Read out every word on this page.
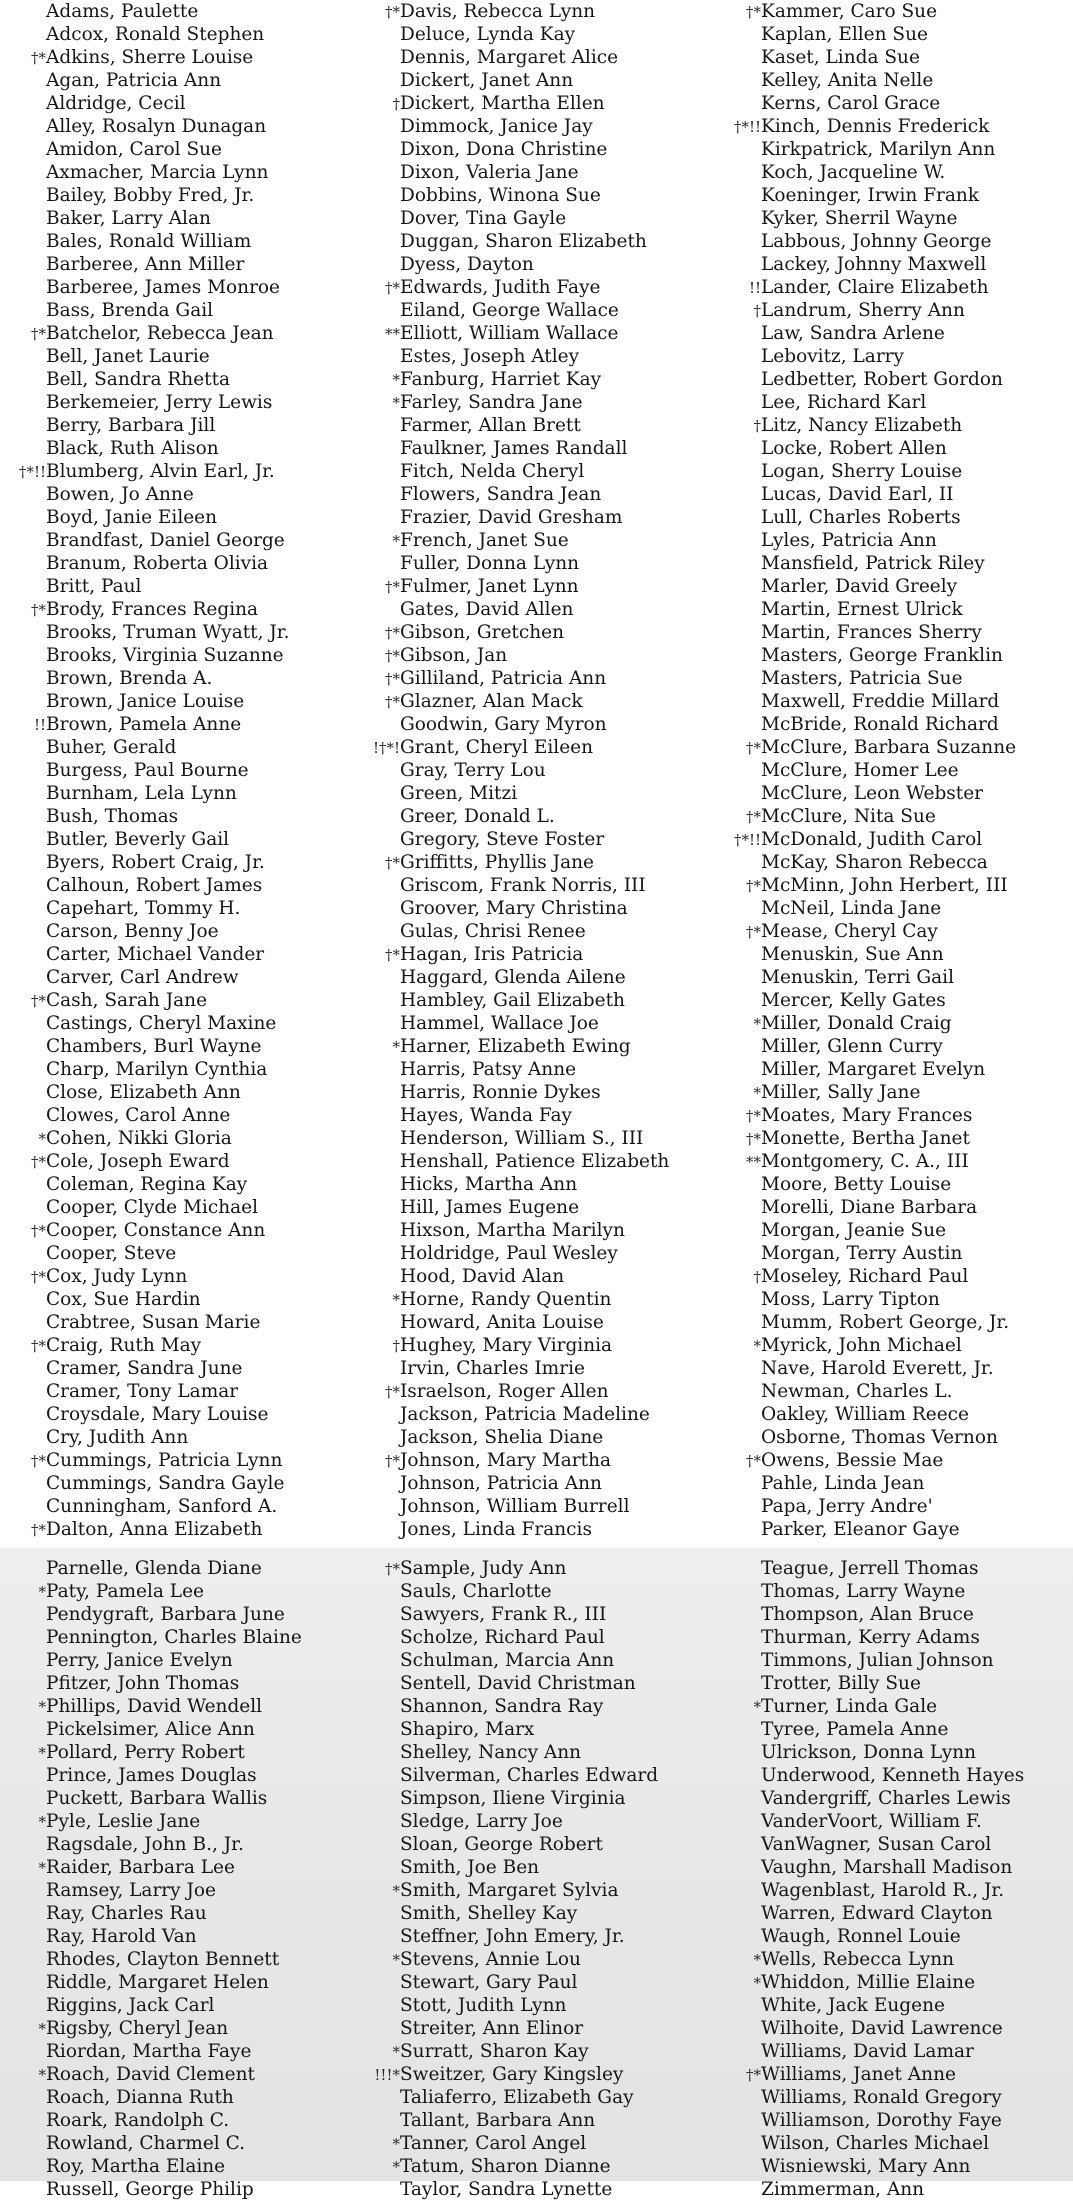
Adams, Paulette
Adcox, Ronald Stephen
†*Adkins, Sherre Louise
Agan, Patricia Ann
Aldridge, Cecil
Alley, Rosalyn Dunagan
Amidon, Carol Sue
Axmacher, Marcia Lynn
Bailey, Bobby Fred, Jr.
Baker, Larry Alan
Bales, Ronald William
Barberee, Ann Miller
Barberee, James Monroe
Bass, Brenda Gail
†*Batchelor, Rebecca Jean
Bell, Janet Laurie
Bell, Sandra Rhetta
Berkemeier, Jerry Lewis
Berry, Barbara Jill
Black, Ruth Alison
†*!!Blumberg, Alvin Earl, Jr.
Bowen, Jo Anne
Boyd, Janie Eileen
Brandfast, Daniel George
Branum, Roberta Olivia
Britt, Paul
†*Brody, Frances Regina
Brooks, Truman Wyatt, Jr.
Brooks, Virginia Suzanne
Brown, Brenda A.
Brown, Janice Louise
!!Brown, Pamela Anne
Buher, Gerald
Burgess, Paul Bourne
Burnham, Lela Lynn
Bush, Thomas
Butler, Beverly Gail
Byers, Robert Craig, Jr.
Calhoun, Robert James
Capehart, Tommy H.
Carson, Benny Joe
Carter, Michael Vander
Carver, Carl Andrew
†*Cash, Sarah Jane
Castings, Cheryl Maxine
Chambers, Burl Wayne
Charp, Marilyn Cynthia
Close, Elizabeth Ann
Clowes, Carol Anne
*Cohen, Nikki Gloria
†*Cole, Joseph Eward
Coleman, Regina Kay
Cooper, Clyde Michael
†*Cooper, Constance Ann
Cooper, Steve
†*Cox, Judy Lynn
Cox, Sue Hardin
Crabtree, Susan Marie
†*Craig, Ruth May
Cramer, Sandra June
Cramer, Tony Lamar
Croysdale, Mary Louise
Cry, Judith Ann
†*Cummings, Patricia Lynn
Cummings, Sandra Gayle
Cunningham, Sanford A.
†*Dalton, Anna Elizabeth
†*Davis, Rebecca Lynn
Deluce, Lynda Kay
Dennis, Margaret Alice
Dickert, Janet Ann
†Dickert, Martha Ellen
Dimmock, Janice Jay
Dixon, Dona Christine
Dixon, Valeria Jane
Dobbins, Winona Sue
Dover, Tina Gayle
Duggan, Sharon Elizabeth
Dyess, Dayton
†*Edwards, Judith Faye
Eiland, George Wallace
**Elliott, William Wallace
Estes, Joseph Atley
*Fanburg, Harriet Kay
*Farley, Sandra Jane
Farmer, Allan Brett
Faulkner, James Randall
Fitch, Nelda Cheryl
Flowers, Sandra Jean
Frazier, David Gresham
*French, Janet Sue
Fuller, Donna Lynn
†*Fulmer, Janet Lynn
Gates, David Allen
†*Gibson, Gretchen
†*Gibson, Jan
†*Gilliland, Patricia Ann
†*Glazner, Alan Mack
Goodwin, Gary Myron
!†*!Grant, Cheryl Eileen
Gray, Terry Lou
Green, Mitzi
Greer, Donald L.
Gregory, Steve Foster
†*Griffitts, Phyllis Jane
Griscom, Frank Norris, III
Groover, Mary Christina
Gulas, Chrisi Renee
†*Hagan, Iris Patricia
Haggard, Glenda Ailene
Hambley, Gail Elizabeth
Hammel, Wallace Joe
*Harner, Elizabeth Ewing
Harris, Patsy Anne
Harris, Ronnie Dykes
Hayes, Wanda Fay
Henderson, William S., III
Henshall, Patience Elizabeth
Hicks, Martha Ann
Hill, James Eugene
Hixson, Martha Marilyn
Holdridge, Paul Wesley
Hood, David Alan
*Horne, Randy Quentin
Howard, Anita Louise
†Hughey, Mary Virginia
Irvin, Charles Imrie
†*Israelson, Roger Allen
Jackson, Patricia Madeline
Jackson, Shelia Diane
†*Johnson, Mary Martha
Johnson, Patricia Ann
Johnson, William Burrell
Jones, Linda Francis
†*Kammer, Caro Sue
Kaplan, Ellen Sue
Kaset, Linda Sue
Kelley, Anita Nelle
Kerns, Carol Grace
†*!!Kinch, Dennis Frederick
Kirkpatrick, Marilyn Ann
Koch, Jacqueline W.
Koeninger, Irwin Frank
Kyker, Sherril Wayne
Labbous, Johnny George
Lackey, Johnny Maxwell
!!Lander, Claire Elizabeth
†Landrum, Sherry Ann
Law, Sandra Arlene
Lebovitz, Larry
Ledbetter, Robert Gordon
Lee, Richard Karl
†Litz, Nancy Elizabeth
Locke, Robert Allen
Logan, Sherry Louise
Lucas, David Earl, II
Lull, Charles Roberts
Lyles, Patricia Ann
Mansfield, Patrick Riley
Marler, David Greely
Martin, Ernest Ulrick
Martin, Frances Sherry
Masters, George Franklin
Masters, Patricia Sue
Maxwell, Freddie Millard
McBride, Ronald Richard
†*McClure, Barbara Suzanne
McClure, Homer Lee
McClure, Leon Webster
†*McClure, Nita Sue
†*!!McDonald, Judith Carol
McKay, Sharon Rebecca
†*McMinn, John Herbert, III
McNeil, Linda Jane
†*Mease, Cheryl Cay
Menuskin, Sue Ann
Menuskin, Terri Gail
Mercer, Kelly Gates
*Miller, Donald Craig
Miller, Glenn Curry
Miller, Margaret Evelyn
*Miller, Sally Jane
†*Moates, Mary Frances
†*Monette, Bertha Janet
**Montgomery, C. A., III
Moore, Betty Louise
Morelli, Diane Barbara
Morgan, Jeanie Sue
Morgan, Terry Austin
†Moseley, Richard Paul
Moss, Larry Tipton
Mumm, Robert George, Jr.
*Myrick, John Michael
Nave, Harold Everett, Jr.
Newman, Charles L.
Oakley, William Reece
Osborne, Thomas Vernon
†*Owens, Bessie Mae
Pahle, Linda Jean
Papa, Jerry Andre'
Parker, Eleanor Gaye
Parnelle, Glenda Diane
*Paty, Pamela Lee
Pendygraft, Barbara June
Pennington, Charles Blaine
Perry, Janice Evelyn
Pfitzer, John Thomas
*Phillips, David Wendell
Pickelsimer, Alice Ann
*Pollard, Perry Robert
Prince, James Douglas
Puckett, Barbara Wallis
*Pyle, Leslie Jane
Ragsdale, John B., Jr.
*Raider, Barbara Lee
Ramsey, Larry Joe
Ray, Charles Rau
Ray, Harold Van
Rhodes, Clayton Bennett
Riddle, Margaret Helen
Riggins, Jack Carl
*Rigsby, Cheryl Jean
Riordan, Martha Faye
*Roach, David Clement
Roach, Dianna Ruth
Roark, Randolph C.
Rowland, Charmel C.
Roy, Martha Elaine
Russell, George Philip
†*Sample, Judy Ann
Sauls, Charlotte
Sawyers, Frank R., III
Scholze, Richard Paul
Schulman, Marcia Ann
Sentell, David Christman
Shannon, Sandra Ray
Shapiro, Marx
Shelley, Nancy Ann
Silverman, Charles Edward
Simpson, Iliene Virginia
Sledge, Larry Joe
Sloan, George Robert
Smith, Joe Ben
*Smith, Margaret Sylvia
Smith, Shelley Kay
Steffner, John Emery, Jr.
*Stevens, Annie Lou
Stewart, Gary Paul
Stott, Judith Lynn
Streiter, Ann Elinor
*Surratt, Sharon Kay
!!!*Sweitzer, Gary Kingsley
Taliaferro, Elizabeth Gay
Tallant, Barbara Ann
*Tanner, Carol Angel
*Tatum, Sharon Dianne
Taylor, Sandra Lynette
Teague, Jerrell Thomas
Thomas, Larry Wayne
Thompson, Alan Bruce
Thurman, Kerry Adams
Timmons, Julian Johnson
Trotter, Billy Sue
*Turner, Linda Gale
Tyree, Pamela Anne
Ulrickson, Donna Lynn
Underwood, Kenneth Hayes
Vandergriff, Charles Lewis
VanderVoort, William F.
VanWagner, Susan Carol
Vaughn, Marshall Madison
Wagenblast, Harold R., Jr.
Warren, Edward Clayton
Waugh, Ronnel Louie
*Wells, Rebecca Lynn
*Whiddon, Millie Elaine
White, Jack Eugene
Wilhoite, David Lawrence
Williams, David Lamar
†*Williams, Janet Anne
Williams, Ronald Gregory
Williamson, Dorothy Faye
Wilson, Charles Michael
Wisniewski, Mary Ann
Zimmerman, Ann
